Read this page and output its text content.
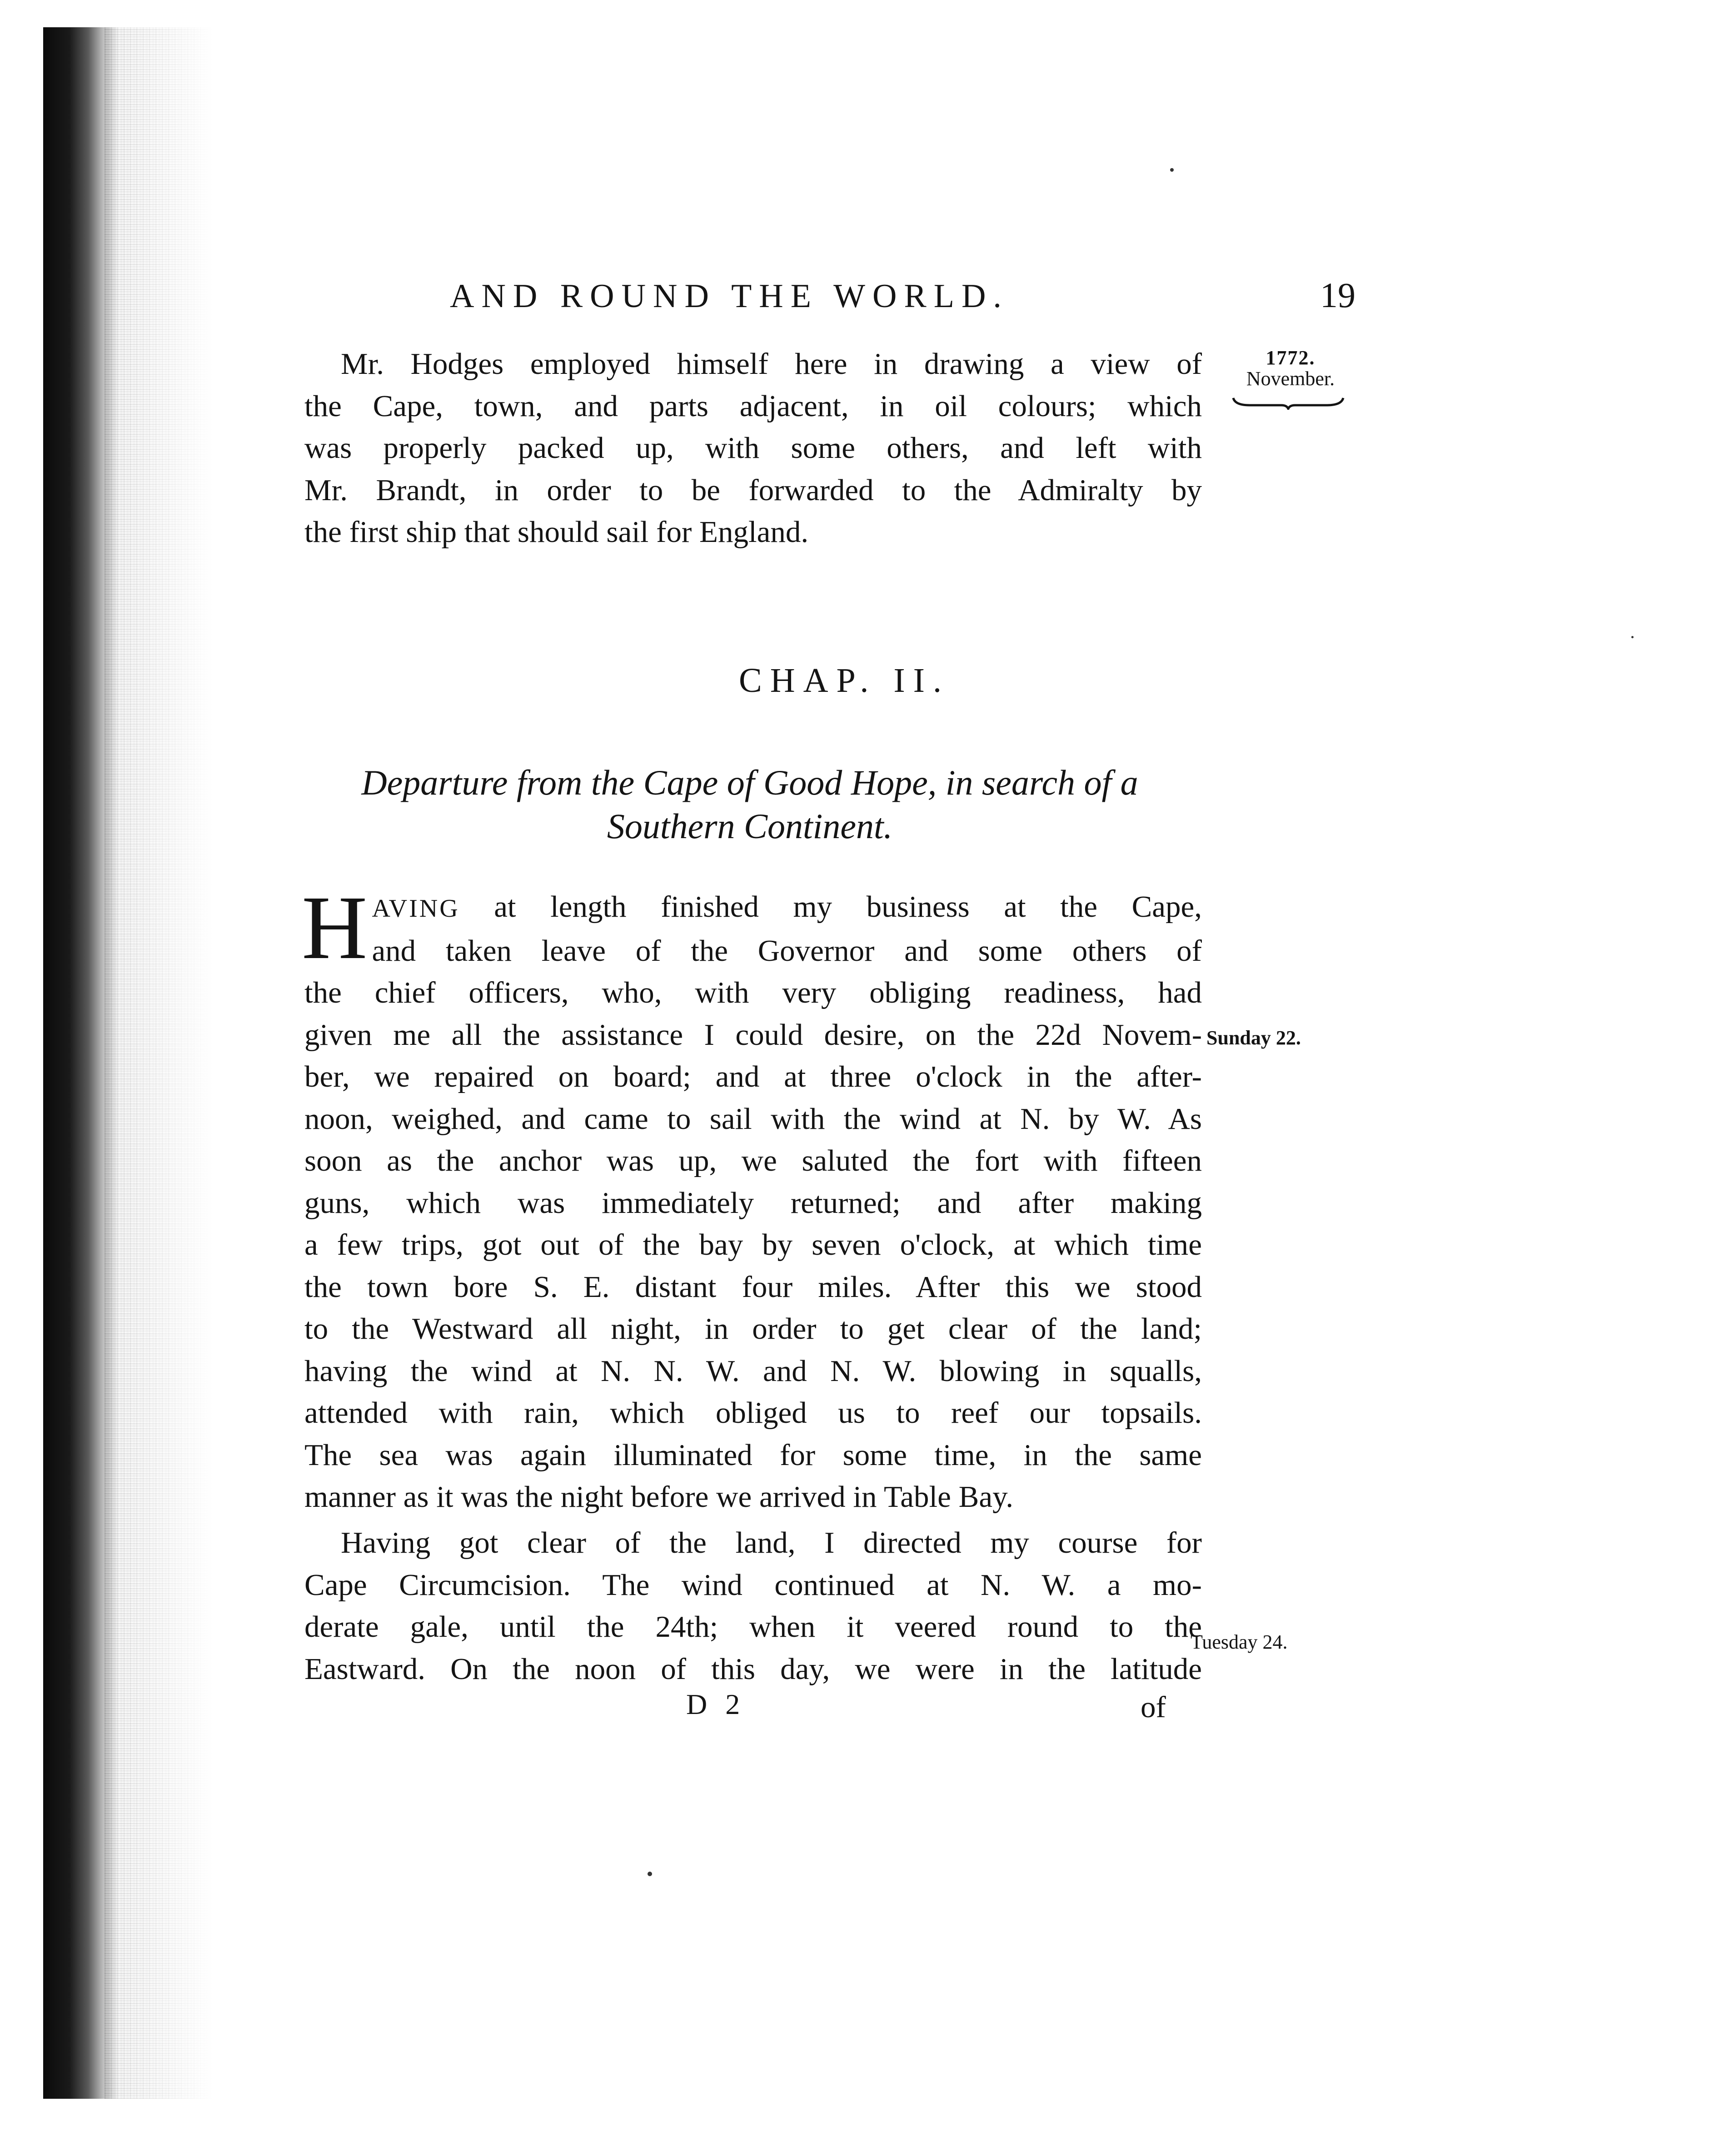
AND ROUND THE WORLD.	19
1772.
November.
Mr. Hodges employed himself here in drawing a view of
the Cape, town, and parts adjacent, in oil colours; which
was properly packed up, with some others, and left with
Mr. Brandt, in order to be forwarded to the Admiralty by
the first ship that should sail for England.
CHAP. II.
Departure from the Cape of Good Hope, in search of a
Southern Continent.
H AVING at length finished my business at the Cape,
and taken leave of the Governor and some others of
the chief officers, who, with very obliging readiness, had
given me all the assistance I could desire, on the 22d Novem-
ber, we repaired on board; and at three o'clock in the after-
noon, weighed, and came to sail with the wind at N. by W. As
soon as the anchor was up, we saluted the fort with fifteen
guns, which was immediately returned; and after making
a few trips, got out of the bay by seven o'clock, at which time
the town bore S. E. distant four miles. After this we stood
to the Westward all night, in order to get clear of the land;
having the wind at N. N. W. and N. W. blowing in squalls,
attended with rain, which obliged us to reef our topsails.
The sea was again illuminated for some time, in the same
manner as it was the night before we arrived in Table Bay.
Sunday 22.
Having got clear of the land, I directed my course for
Cape Circumcision. The wind continued at N. W. a mo-
derate gale, until the 24th; when it veered round to the
Eastward. On the noon of this day, we were in the latitude
Tuesday 24.
D 2	of
